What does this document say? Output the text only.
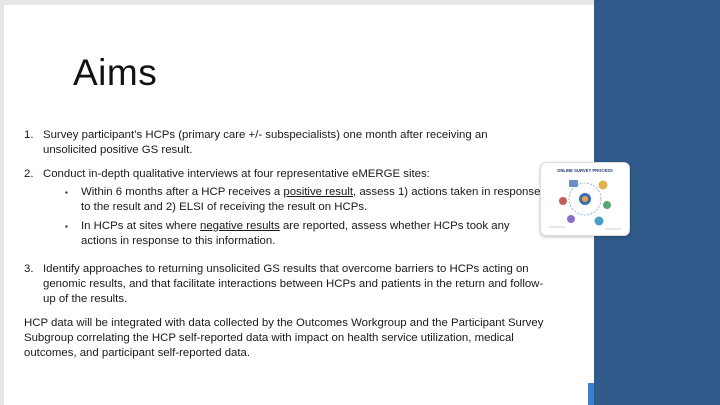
Aims
1. Survey participant’s HCPs (primary care +/- subspecialists) one month after receiving an unsolicited positive GS result.
2. Conduct in-depth qualitative interviews at four representative eMERGE sites:
▪	Within 6 months after a HCP receives a positive result, assess 1) actions taken in response to the result and 2) ELSI of receiving the result on HCPs.
▪	In HCPs at sites where negative results are reported, assess whether HCPs took any actions in response to this information.
3. Identify approaches to returning unsolicited GS results that overcome barriers to HCPs acting on genomic results, and that facilitate interactions between HCPs and patients in the return and follow-up of the results.
HCP data will be integrated with data collected by the Outcomes Workgroup and the Participant Survey Subgroup correlating the HCP self-reported data with impact on health service utilization, medical outcomes, and participant self-reported data.
ONLINE SURVEY PROCESS
